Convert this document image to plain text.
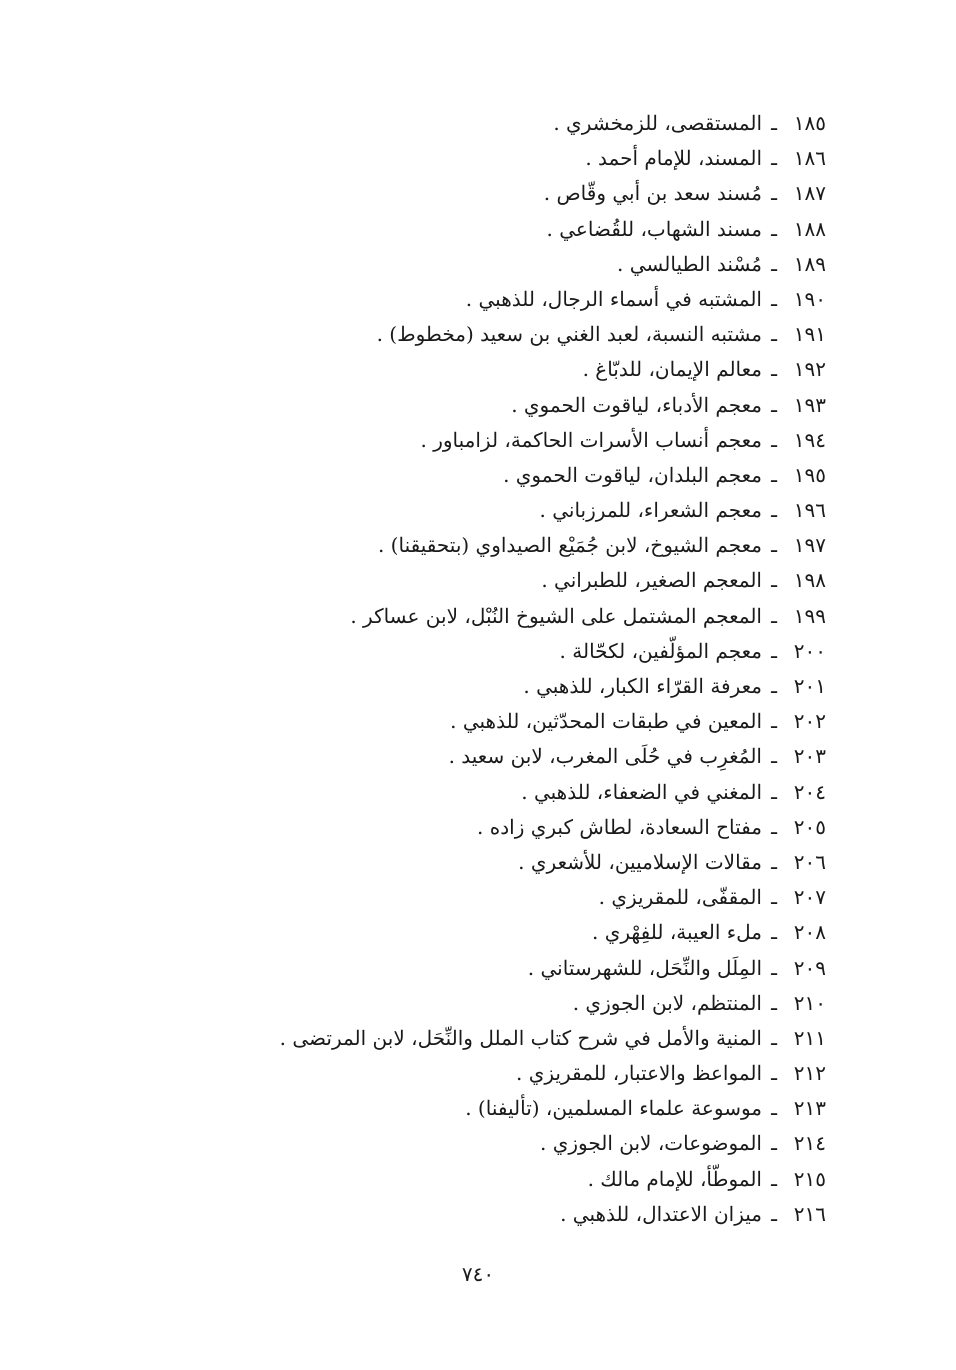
١٨٥ـالمستقصى، للزمخشري .
١٨٦ـالمسند، للإمام أحمد .
١٨٧ـمُسند سعد بن أبي وقّاص .
١٨٨ـمسند الشهاب، للقُضاعي .
١٨٩ـمُسْند الطيالسي .
١٩٠ـالمشتبه في أسماء الرجال، للذهبي .
١٩١ـمشتبه النسبة، لعبد الغني بن سعيد (مخطوط) .
١٩٢ـمعالم الإيمان، للدبّاغ .
١٩٣ـمعجم الأدباء، لياقوت الحموي .
١٩٤ـمعجم أنساب الأسرات الحاكمة، لزامباور .
١٩٥ـمعجم البلدان، لياقوت الحموي .
١٩٦ـمعجم الشعراء، للمرزباني .
١٩٧ـمعجم الشيوخ، لابن جُمَيْع الصيداوي (بتحقيقنا) .
١٩٨ـالمعجم الصغير، للطبراني .
١٩٩ـالمعجم المشتمل على الشيوخ النُبْل، لابن عساكر .
٢٠٠ـمعجم المؤلّفين، لكحّالة .
٢٠١ـمعرفة القرّاء الكبار، للذهبي .
٢٠٢ـالمعين في طبقات المحدّثين، للذهبي .
٢٠٣ـالمُغرِب في حُلَى المغرب، لابن سعيد .
٢٠٤ـالمغني في الضعفاء، للذهبي .
٢٠٥ـمفتاح السعادة، لطاش كبري زاده .
٢٠٦ـمقالات الإسلاميين، للأشعري .
٢٠٧ـالمقفّى، للمقريزي .
٢٠٨ـملء العيبة، للفِهْري .
٢٠٩ـالمِلَل والنِّحَل، للشهرستاني .
٢١٠ـالمنتظم، لابن الجوزي .
٢١١ـالمنية والأمل في شرح كتاب الملل والنِّحَل، لابن المرتضى .
٢١٢ـالمواعظ والاعتبار، للمقريزي .
٢١٣ـموسوعة علماء المسلمين، (تأليفنا) .
٢١٤ـالموضوعات، لابن الجوزي .
٢١٥ـالموطّأ، للإمام مالك .
٢١٦ـميزان الاعتدال، للذهبي .
٧٤٠
